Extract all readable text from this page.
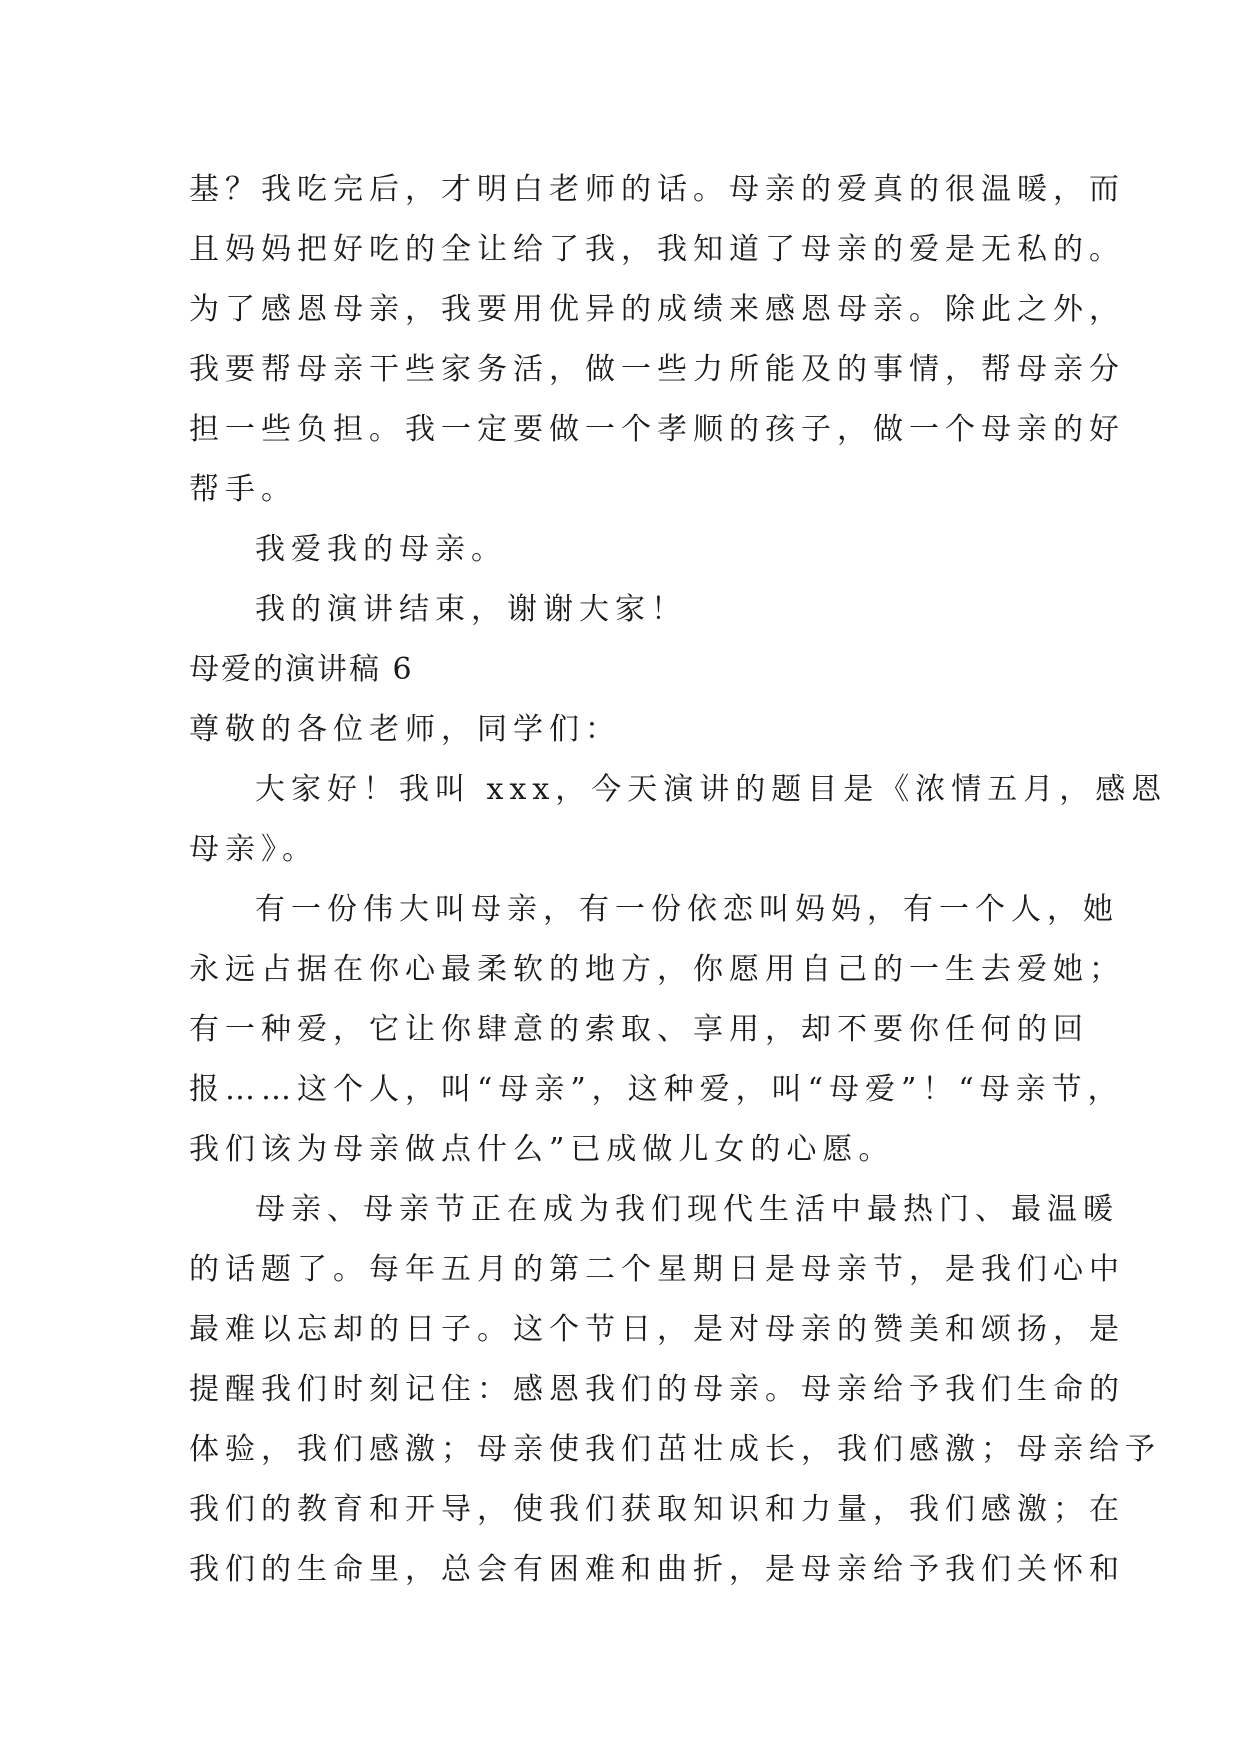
基？我吃完后，才明白老师的话。母亲的爱真的很温暖，而
且妈妈把好吃的全让给了我，我知道了母亲的爱是无私的。
为了感恩母亲，我要用优异的成绩来感恩母亲。除此之外，
我要帮母亲干些家务活，做一些力所能及的事情，帮母亲分
担一些负担。我一定要做一个孝顺的孩子，做一个母亲的好
帮手。
我爱我的母亲。
我的演讲结束，谢谢大家！
母爱的演讲稿 6
尊敬的各位老师，同学们：
大家好！我叫 xxx，今天演讲的题目是《浓情五月，感恩
母亲》。
有一份伟大叫母亲，有一份依恋叫妈妈，有一个人，她
永远占据在你心最柔软的地方，你愿用自己的一生去爱她；
有一种爱，它让你肆意的索取、享用，却不要你任何的回
报……这个人，叫“母亲”，这种爱，叫“母爱”！“母亲节，
我们该为母亲做点什么”已成做儿女的心愿。
母亲、母亲节正在成为我们现代生活中最热门、最温暖
的话题了。每年五月的第二个星期日是母亲节，是我们心中
最难以忘却的日子。这个节日，是对母亲的赞美和颂扬，是
提醒我们时刻记住：感恩我们的母亲。母亲给予我们生命的
体验，我们感激；母亲使我们茁壮成长，我们感激；母亲给予
我们的教育和开导，使我们获取知识和力量，我们感激；在
我们的生命里，总会有困难和曲折，是母亲给予我们关怀和
